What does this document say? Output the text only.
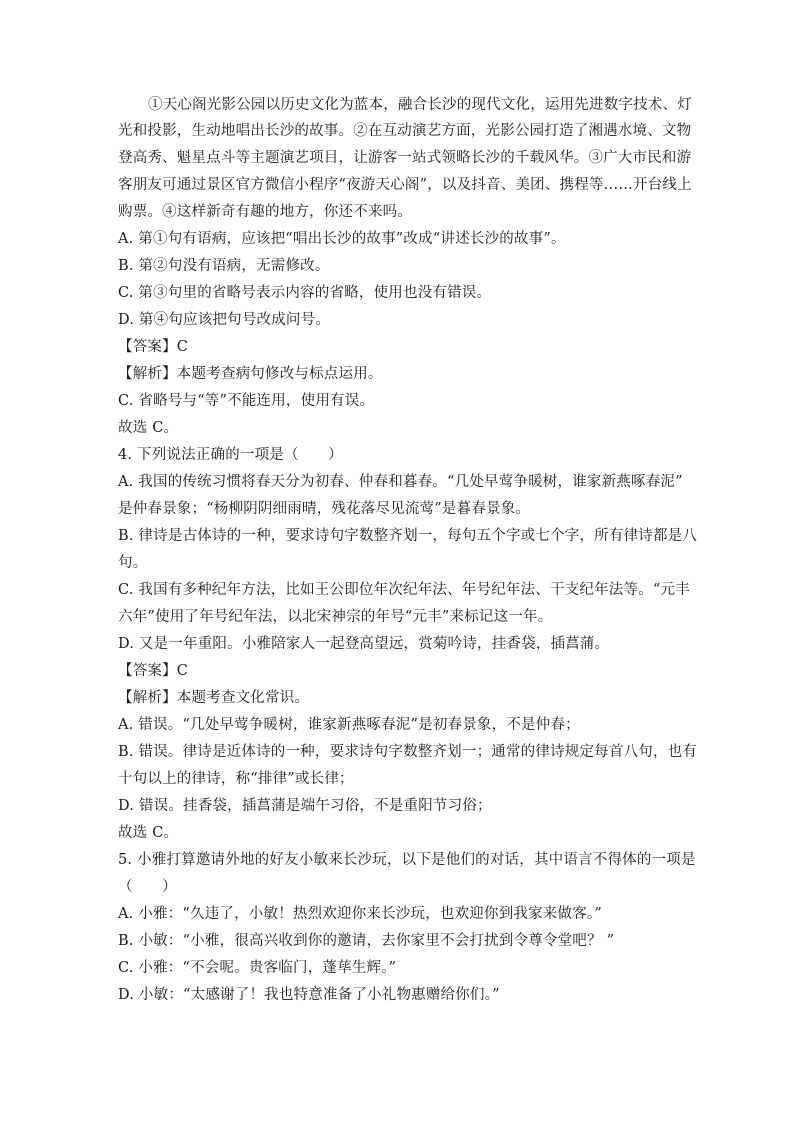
①天心阁光影公园以历史文化为蓝本，融合长沙的现代文化，运用先进数字技术、灯
光和投影，生动地唱出长沙的故事。②在互动演艺方面，光影公园打造了湘遇水境、文物
登高秀、魁星点斗等主题演艺项目，让游客一站式领略长沙的千载风华。③广大市民和游
客朋友可通过景区官方微信小程序“夜游天心阁”，以及抖音、美团、携程等……开台线上
购票。④这样新奇有趣的地方，你还不来吗。
A. 第①句有语病，应该把“唱出长沙的故事”改成“讲述长沙的故事”。
B. 第②句没有语病，无需修改。
C. 第③句里的省略号表示内容的省略，使用也没有错误。
D. 第④句应该把句号改成问号。
【答案】C
【解析】本题考查病句修改与标点运用。
C. 省略号与“等”不能连用，使用有误。
故选 C。
4. 下列说法正确的一项是（　　）
A. 我国的传统习惯将春天分为初春、仲春和暮春。“几处早莺争暖树，谁家新燕啄春泥”
是仲春景象；“杨柳阴阴细雨晴，残花落尽见流莺”是暮春景象。
B. 律诗是古体诗的一种，要求诗句字数整齐划一，每句五个字或七个字，所有律诗都是八
句。
C. 我国有多种纪年方法，比如王公即位年次纪年法、年号纪年法、干支纪年法等。“元丰
六年”使用了年号纪年法，以北宋神宗的年号“元丰”来标记这一年。
D. 又是一年重阳。小雅陪家人一起登高望远，赏菊吟诗，挂香袋，插菖蒲。
【答案】C
【解析】本题考查文化常识。
A. 错误。“几处早莺争暖树，谁家新燕啄春泥”是初春景象，不是仲春；
B. 错误。律诗是近体诗的一种，要求诗句字数整齐划一；通常的律诗规定每首八句，也有
十句以上的律诗，称“排律”或长律；
D. 错误。挂香袋，插菖蒲是端午习俗，不是重阳节习俗；
故选 C。
5. 小雅打算邀请外地的好友小敏来长沙玩，以下是他们的对话，其中语言不得体的一项是
（　　）
A. 小雅：“久违了，小敏！热烈欢迎你来长沙玩，也欢迎你到我家来做客。”
B. 小敏：“小雅，很高兴收到你的邀请，去你家里不会打扰到令尊令堂吧？ ”
C. 小雅：“不会呢。贵客临门，蓬荜生辉。”
D. 小敏：“太感谢了！我也特意准备了小礼物惠赠给你们。”
